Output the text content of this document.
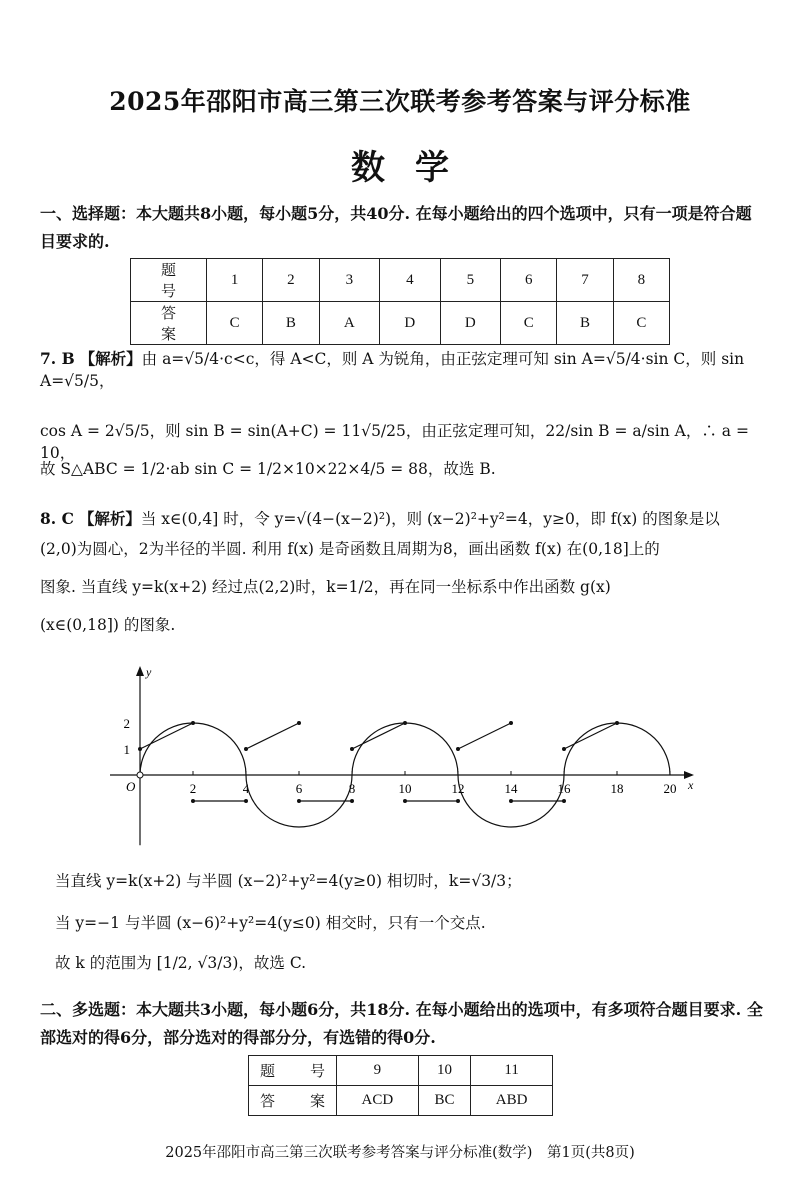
2025年邵阳市高三第三次联考参考答案与评分标准
数学
一、选择题：本大题共8小题，每小题5分，共40分. 在每小题给出的四个选项中，只有一项是符合题目要求的.
题　号	1	2	3	4	5	6	7	8
答　案	C	B	A	D	D	C	B	C
7. B 【解析】由 a=√5/4·c<c，得 A<C，则 A 为锐角，由正弦定理可知 sin A=√5/4·sin C，则 sin A=√5/5，
cos A = 2√5/5，则 sin B = sin(A+C) = 11√5/25，由正弦定理可知，22/sin B = a/sin A，∴ a = 10，
故 S△ABC = 1/2·ab sin C = 1/2×10×22×4/5 = 88，故选 B.
8. C 【解析】当 x∈(0,4] 时，令 y=√(4−(x−2)²)，则 (x−2)²+y²=4，y≥0，即 f(x) 的图象是以
(2,0)为圆心，2为半径的半圆. 利用 f(x) 是奇函数且周期为8，画出函数 f(x) 在(0,18]上的
图象. 当直线 y=k(x+2) 经过点(2,2)时，k=1/2，再在同一坐标系中作出函数 g(x)
(x∈(0,18]) 的图象.
y
x
O	2	4	6	8	10	12	14	16	18	20
1
2
当直线 y=k(x+2) 与半圆 (x−2)²+y²=4(y≥0) 相切时，k=√3/3；
当 y=−1 与半圆 (x−6)²+y²=4(y≤0) 相交时，只有一个交点.
故 k 的范围为 [1/2, √3/3)，故选 C.
二、多选题：本大题共3小题，每小题6分，共18分. 在每小题给出的选项中，有多项符合题目要求. 全部选对的得6分，部分选对的得部分分，有选错的得0分.
题　号	9	10	11
答　案	ACD	BC	ABD
2025年邵阳市高三第三次联考参考答案与评分标准(数学)　第1页(共8页)
